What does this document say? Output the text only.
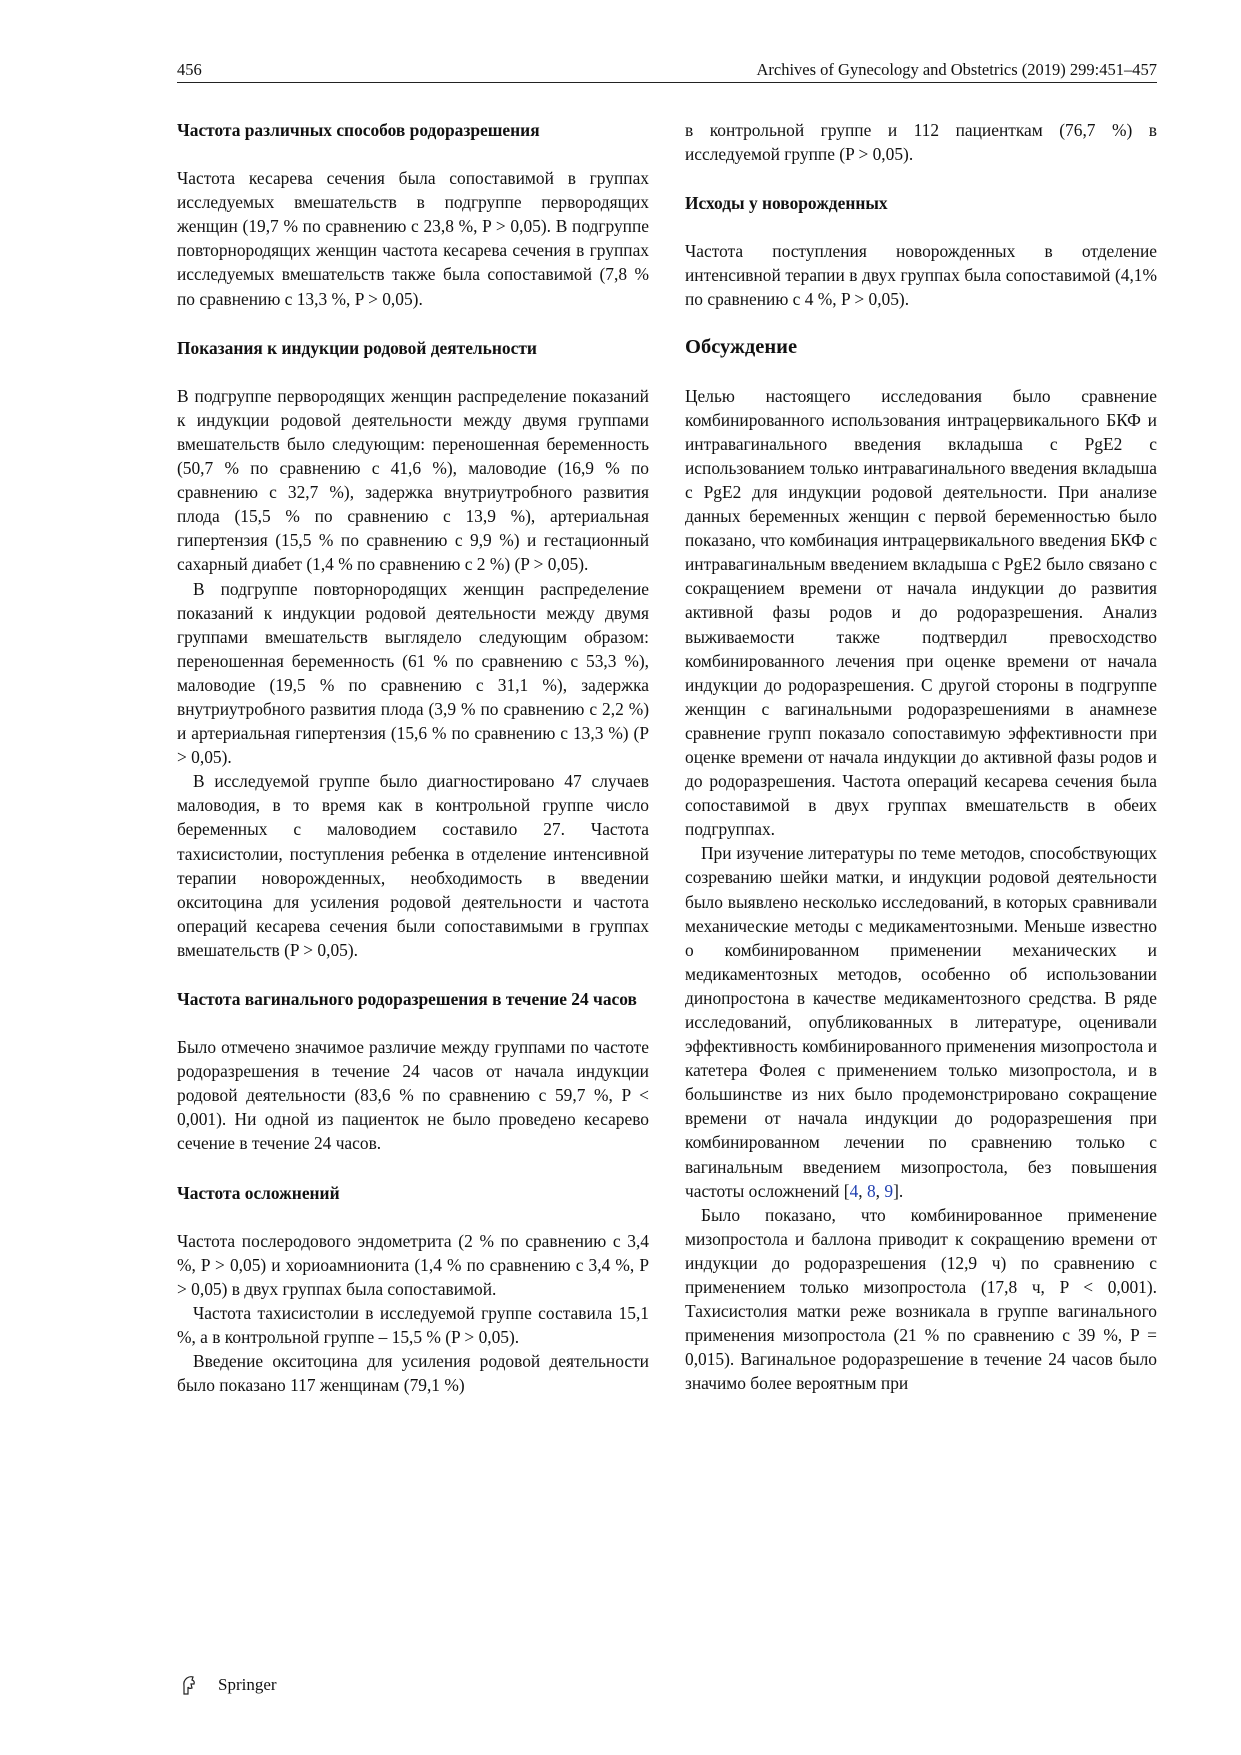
456	Archives of Gynecology and Obstetrics (2019) 299:451–457
Частота различных способов родоразрешения

Частота кесарева сечения была сопоставимой в группах исследуемых вмешательств в подгруппе первородящих женщин (19,7 % по сравнению с 23,8 %, P > 0,05). В подгруппе повторнородящих женщин частота кесарева сечения в группах исследуемых вмешательств также была сопоставимой (7,8 % по сравнению с 13,3 %, P > 0,05).

Показания к индукции родовой деятельности

В подгруппе первородящих женщин распределение показаний к индукции родовой деятельности между двумя группами вмешательств было следующим: переношенная беременность (50,7 % по сравнению с 41,6 %), маловодие (16,9 % по сравнению с 32,7 %), задержка внутриутробного развития плода (15,5 % по сравнению с 13,9 %), артериальная гипертензия (15,5 % по сравнению с 9,9 %) и гестационный сахарный диабет (1,4 % по сравнению с 2 %) (P > 0,05).

В подгруппе повторнородящих женщин распределение показаний к индукции родовой деятельности между двумя группами вмешательств выглядело следующим образом: переношенная беременность (61 % по сравнению с 53,3 %), маловодие (19,5 % по сравнению с 31,1 %), задержка внутриутробного развития плода (3,9 % по сравнению с 2,2 %) и артериальная гипертензия (15,6 % по сравнению с 13,3 %) (P > 0,05).

В исследуемой группе было диагностировано 47 случаев маловодия, в то время как в контрольной группе число беременных с маловодием составило 27. Частота тахисистолии, поступления ребенка в отделение интенсивной терапии новорожденных, необходимость в введении окситоцина для усиления родовой деятельности и частота операций кесарева сечения были сопоставимыми в группах вмешательств (P > 0,05).

Частота вагинального родоразрешения в течение 24 часов

Было отмечено значимое различие между группами по частоте родоразрешения в течение 24 часов от начала индукции родовой деятельности (83,6 % по сравнению с 59,7 %, P < 0,001). Ни одной из пациенток не было проведено кесарево сечение в течение 24 часов.

Частота осложнений

Частота послеродового эндометрита (2 % по сравнению с 3,4 %, P > 0,05) и хориоамнионита (1,4 % по сравнению с 3,4 %, P > 0,05) в двух группах была сопоставимой.

Частота тахисистолии в исследуемой группе составила 15,1 %, а в контрольной группе – 15,5 % (P > 0,05).

Введение окситоцина для усиления родовой деятельности было показано 117 женщинам (79,1 %)

в контрольной группе и 112 пациенткам (76,7 %) в исследуемой группе (P > 0,05).

Исходы у новорожденных

Частота поступления новорожденных в отделение интенсивной терапии в двух группах была сопоставимой (4,1% по сравнению с 4 %, P > 0,05).

Обсуждение

Целью настоящего исследования было сравнение комбинированного использования интрацервикального БКФ и интравагинального введения вкладыша с PgE2 с использованием только интравагинального введения вкладыша с PgE2 для индукции родовой деятельности. При анализе данных беременных женщин с первой беременностью было показано, что комбинация интрацервикального введения БКФ с интравагинальным введением вкладыша с PgE2 было связано с сокращением времени от начала индукции до развития активной фазы родов и до родоразрешения. Анализ выживаемости также подтвердил превосходство комбинированного лечения при оценке времени от начала индукции до родоразрешения. С другой стороны в подгруппе женщин с вагинальными родоразрешениями в анамнезе сравнение групп показало сопоставимую эффективности при оценке времени от начала индукции до активной фазы родов и до родоразрешения. Частота операций кесарева сечения была сопоставимой в двух группах вмешательств в обеих подгруппах.

При изучение литературы по теме методов, способствующих созреванию шейки матки, и индукции родовой деятельности было выявлено несколько исследований, в которых сравнивали механические методы с медикаментозными. Меньше известно о комбинированном применении механических и медикаментозных методов, особенно об использовании динопростона в качестве медикаментозного средства. В ряде исследований, опубликованных в литературе, оценивали эффективность комбинированного применения мизопростола и катетера Фолея с применением только мизопростола, и в большинстве из них было продемонстрировано сокращение времени от начала индукции до родоразрешения при комбинированном лечении по сравнению только с вагинальным введением мизопростола, без повышения частоты осложнений [4, 8, 9].

Было показано, что комбинированное применение мизопростола и баллона приводит к сокращению времени от индукции до родоразрешения (12,9 ч) по сравнению с применением только мизопростола (17,8 ч, P < 0,001). Тахисистолия матки реже возникала в группе вагинального применения мизопростола (21 % по сравнению с 39 %, P = 0,015). Вагинальное родоразрешение в течение 24 часов было значимо более вероятным при

Springer
